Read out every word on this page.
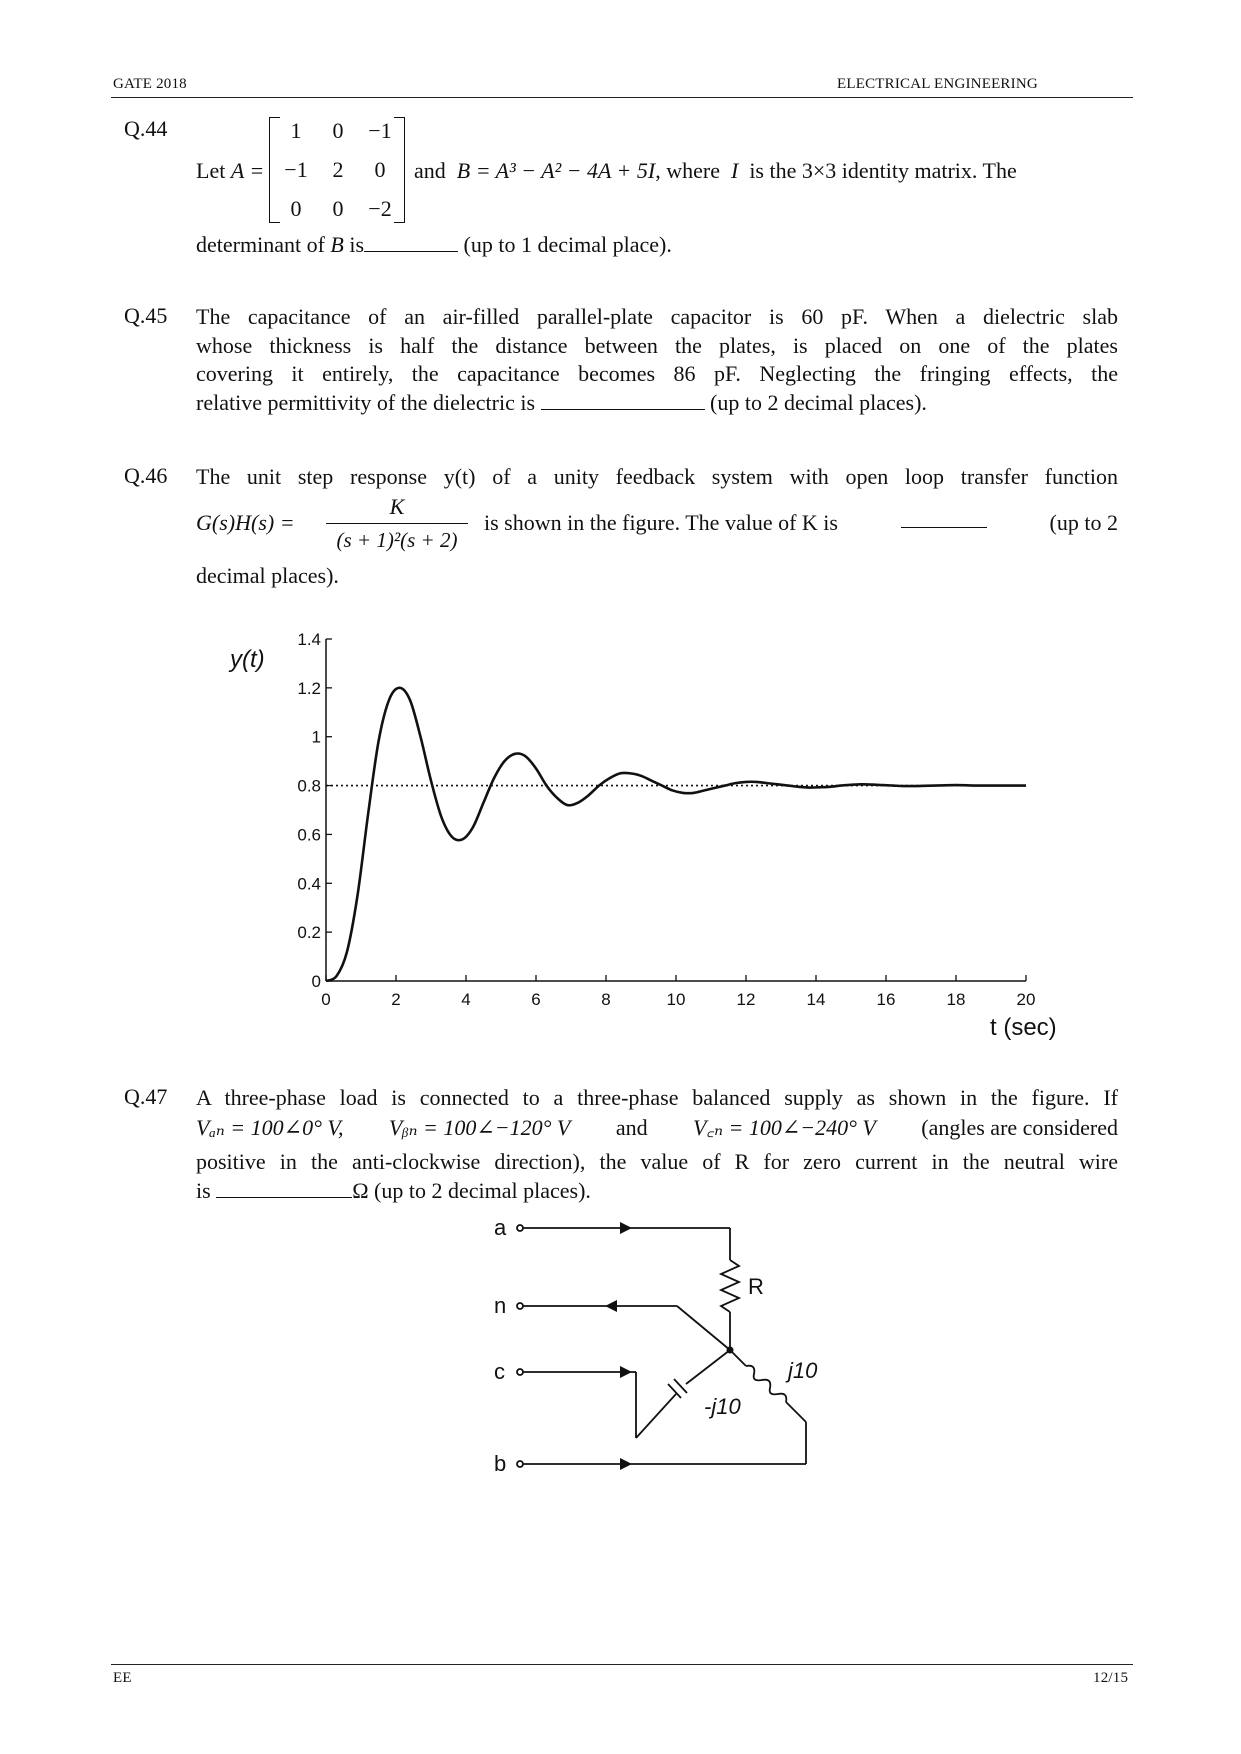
GATE 2018	ELECTRICAL ENGINEERING
Q.44
Let A =
1	0	−1
−1	2	0
0	0	−2
and B = A³ − A² − 4A + 5I, where I is the 3×3 identity matrix. The
determinant of B is	(up to 1 decimal place).
Q.45 The capacitance of an air-filled parallel-plate capacitor is 60 pF. When a dielectric slab
whose thickness is half the distance between the plates, is placed on one of the plates
covering it entirely, the capacitance becomes 86 pF. Neglecting the fringing effects, the
relative permittivity of the dielectric is	(up to 2 decimal places).
Q.46 The unit step response y(t) of a unity feedback system with open loop transfer function
G(s)H(s) =
K
(s + 1)²(s + 2)
is shown in the figure. The value of K is	(up to 2
decimal places).
0	2	4	6	8	10	12	14	16	18	20
0
0.2
0.4
0.6
0.8
1
1.2
1.4
y(t)
t (sec)
Q.47 A three-phase load is connected to a three-phase balanced supply as shown in the figure. If
Vₐₙ = 100∠0° V, Vᵦₙ = 100∠−120° V and V꜀ₙ = 100∠−240° V (angles are considered
positive in the anti-clockwise direction), the value of R for zero current in the neutral wire
is	Ω (up to 2 decimal places).
a
n
c
b
R
j10
-j10
EE	12/15
